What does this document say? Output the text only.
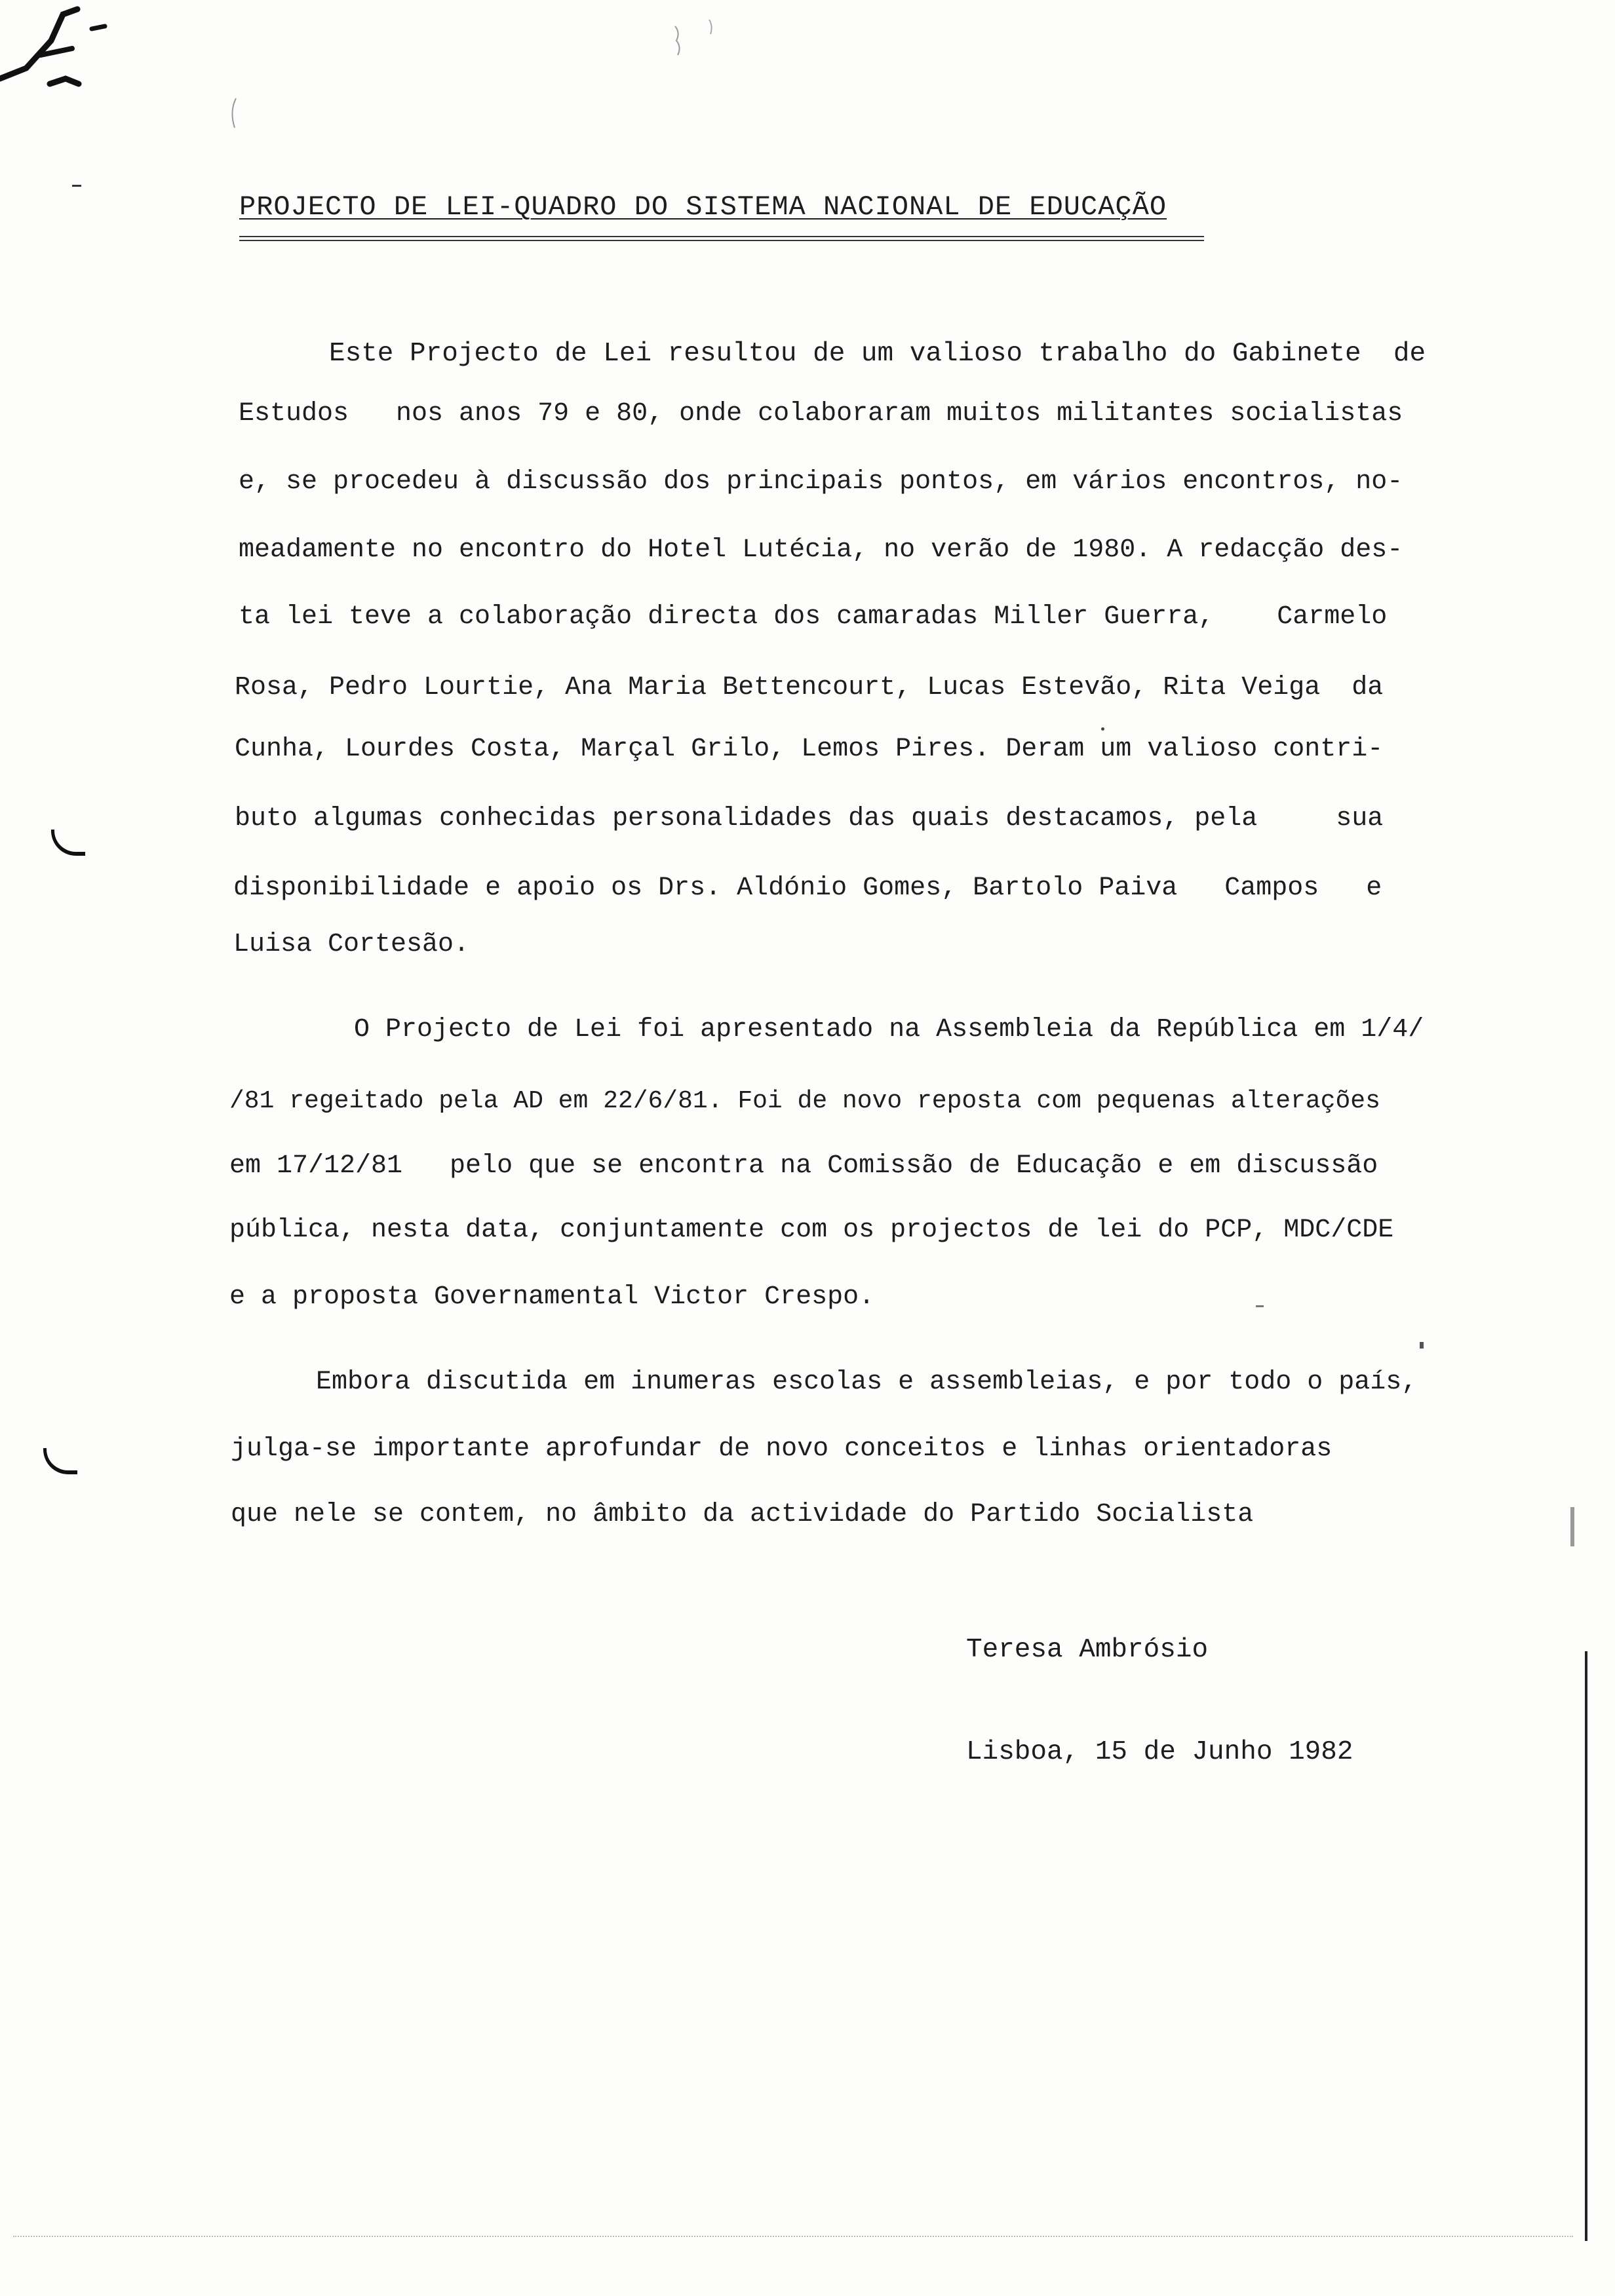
PROJECTO DE LEI-QUADRO DO SISTEMA NACIONAL DE EDUCAÇÃO
Este Projecto de Lei resultou de um valioso trabalho do Gabinete  de
Estudos   nos anos 79 e 80, onde colaboraram muitos militantes socialistas
e, se procedeu à discussão dos principais pontos, em vários encontros, no-
meadamente no encontro do Hotel Lutécia, no verão de 1980. A redacção des-
ta lei teve a colaboração directa dos camaradas Miller Guerra,    Carmelo
Rosa, Pedro Lourtie, Ana Maria Bettencourt, Lucas Estevão, Rita Veiga  da
Cunha, Lourdes Costa, Marçal Grilo, Lemos Pires. Deram um valioso contri-
buto algumas conhecidas personalidades das quais destacamos, pela     sua
disponibilidade e apoio os Drs. Aldónio Gomes, Bartolo Paiva   Campos   e
Luisa Cortesão.
O Projecto de Lei foi apresentado na Assembleia da República em 1/4/
/81 regeitado pela AD em 22/6/81. Foi de novo reposta com pequenas alterações
em 17/12/81   pelo que se encontra na Comissão de Educação e em discussão
pública, nesta data, conjuntamente com os projectos de lei do PCP, MDC/CDE
e a proposta Governamental Victor Crespo.
Embora discutida em inumeras escolas e assembleias, e por todo o país,
julga-se importante aprofundar de novo conceitos e linhas orientadoras
que nele se contem, no âmbito da actividade do Partido Socialista
Teresa Ambrósio
Lisboa, 15 de Junho 1982
